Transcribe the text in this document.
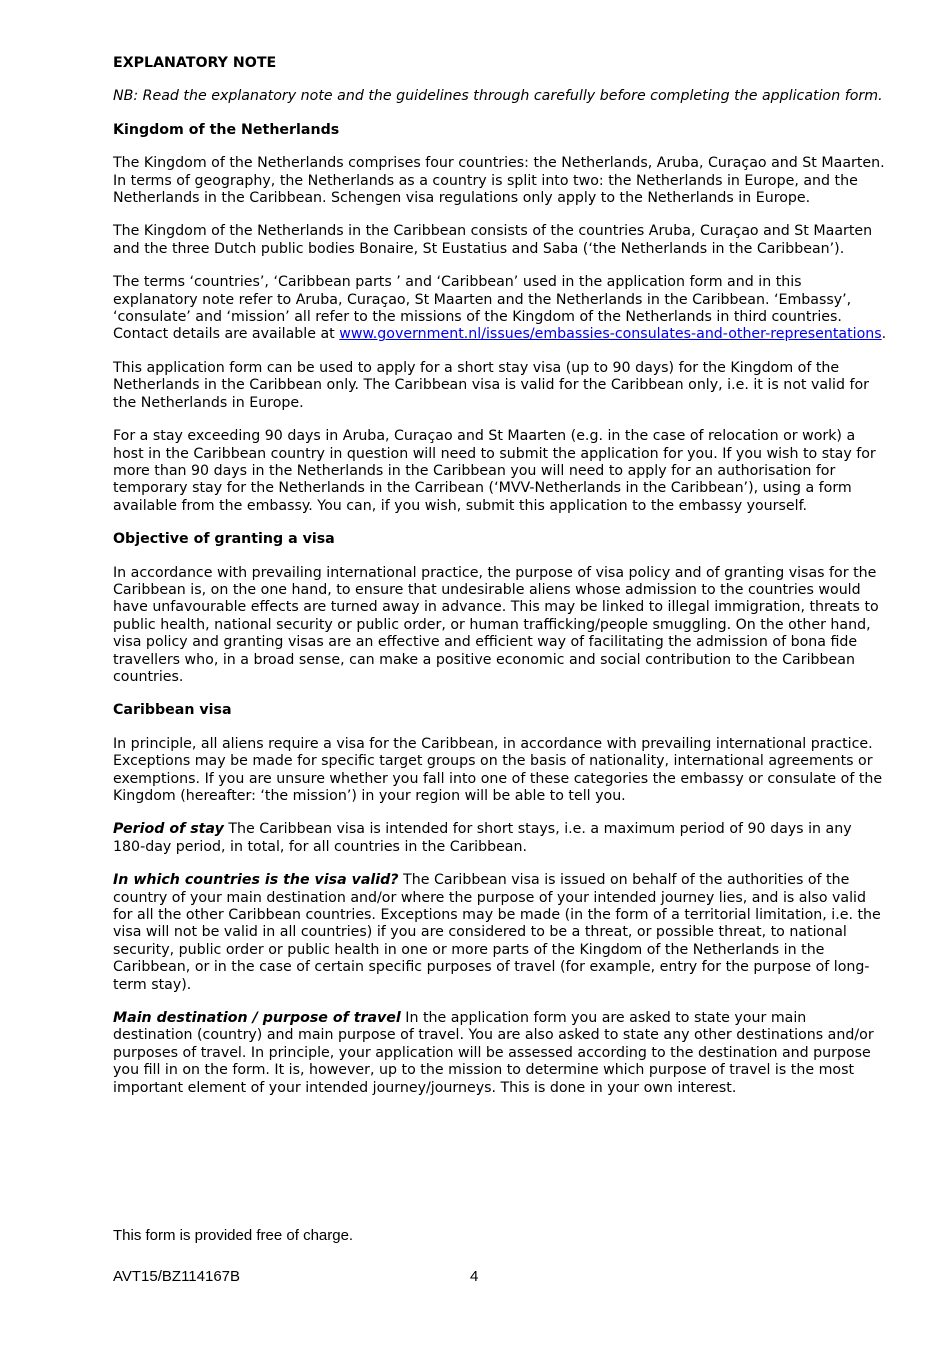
EXPLANATORY NOTE

NB: Read the explanatory note and the guidelines through carefully before completing the application form.

Kingdom of the Netherlands

The Kingdom of the Netherlands comprises four countries: the Netherlands, Aruba, Curaçao and St Maarten. In terms of geography, the Netherlands as a country is split into two: the Netherlands in Europe, and the Netherlands in the Caribbean. Schengen visa regulations only apply to the Netherlands in Europe.

The Kingdom of the Netherlands in the Caribbean consists of the countries Aruba, Curaçao and St Maarten and the three Dutch public bodies Bonaire, St Eustatius and Saba (‘the Netherlands in the Caribbean’).

The terms ‘countries’, ‘Caribbean parts ’ and ‘Caribbean’ used in the application form and in this explanatory note refer to Aruba, Curaçao, St Maarten and the Netherlands in the Caribbean. ‘Embassy’, ‘consulate’ and ‘mission’ all refer to the missions of the Kingdom of the Netherlands in third countries. Contact details are available at www.government.nl/issues/embassies-consulates-and-other-representations.

This application form can be used to apply for a short stay visa (up to 90 days) for the Kingdom of the Netherlands in the Caribbean only. The Caribbean visa is valid for the Caribbean only, i.e. it is not valid for the Netherlands in Europe.

For a stay exceeding 90 days in Aruba, Curaçao and St Maarten (e.g. in the case of relocation or work) a host in the Caribbean country in question will need to submit the application for you. If you wish to stay for more than 90 days in the Netherlands in the Caribbean you will need to apply for an authorisation for temporary stay for the Netherlands in the Carribean (‘MVV-Netherlands in the Caribbean’), using a form available from the embassy. You can, if you wish, submit this application to the embassy yourself.

Objective of granting a visa

In accordance with prevailing international practice, the purpose of visa policy and of granting visas for the Caribbean is, on the one hand, to ensure that undesirable aliens whose admission to the countries would have unfavourable effects are turned away in advance. This may be linked to illegal immigration, threats to public health, national security or public order, or human trafficking/people smuggling. On the other hand, visa policy and granting visas are an effective and efficient way of facilitating the admission of bona fide travellers who, in a broad sense, can make a positive economic and social contribution to the Caribbean countries.

Caribbean visa

In principle, all aliens require a visa for the Caribbean, in accordance with prevailing international practice. Exceptions may be made for specific target groups on the basis of nationality, international agreements or exemptions. If you are unsure whether you fall into one of these categories the embassy or consulate of the Kingdom (hereafter: ‘the mission’) in your region will be able to tell you.

Period of stay The Caribbean visa is intended for short stays, i.e. a maximum period of 90 days in any 180-day period, in total, for all countries in the Caribbean.

In which countries is the visa valid? The Caribbean visa is issued on behalf of the authorities of the country of your main destination and/or where the purpose of your intended journey lies, and is also valid for all the other Caribbean countries. Exceptions may be made (in the form of a territorial limitation, i.e. the visa will not be valid in all countries) if you are considered to be a threat, or possible threat, to national security, public order or public health in one or more parts of the Kingdom of the Netherlands in the Caribbean, or in the case of certain specific purposes of travel (for example, entry for the purpose of long-term stay).

Main destination / purpose of travel In the application form you are asked to state your main destination (country) and main purpose of travel. You are also asked to state any other destinations and/or purposes of travel. In principle, your application will be assessed according to the destination and purpose you fill in on the form. It is, however, up to the mission to determine which purpose of travel is the most important element of your intended journey/journeys. This is done in your own interest.

This form is provided free of charge.
AVT15/BZ114167B	4
